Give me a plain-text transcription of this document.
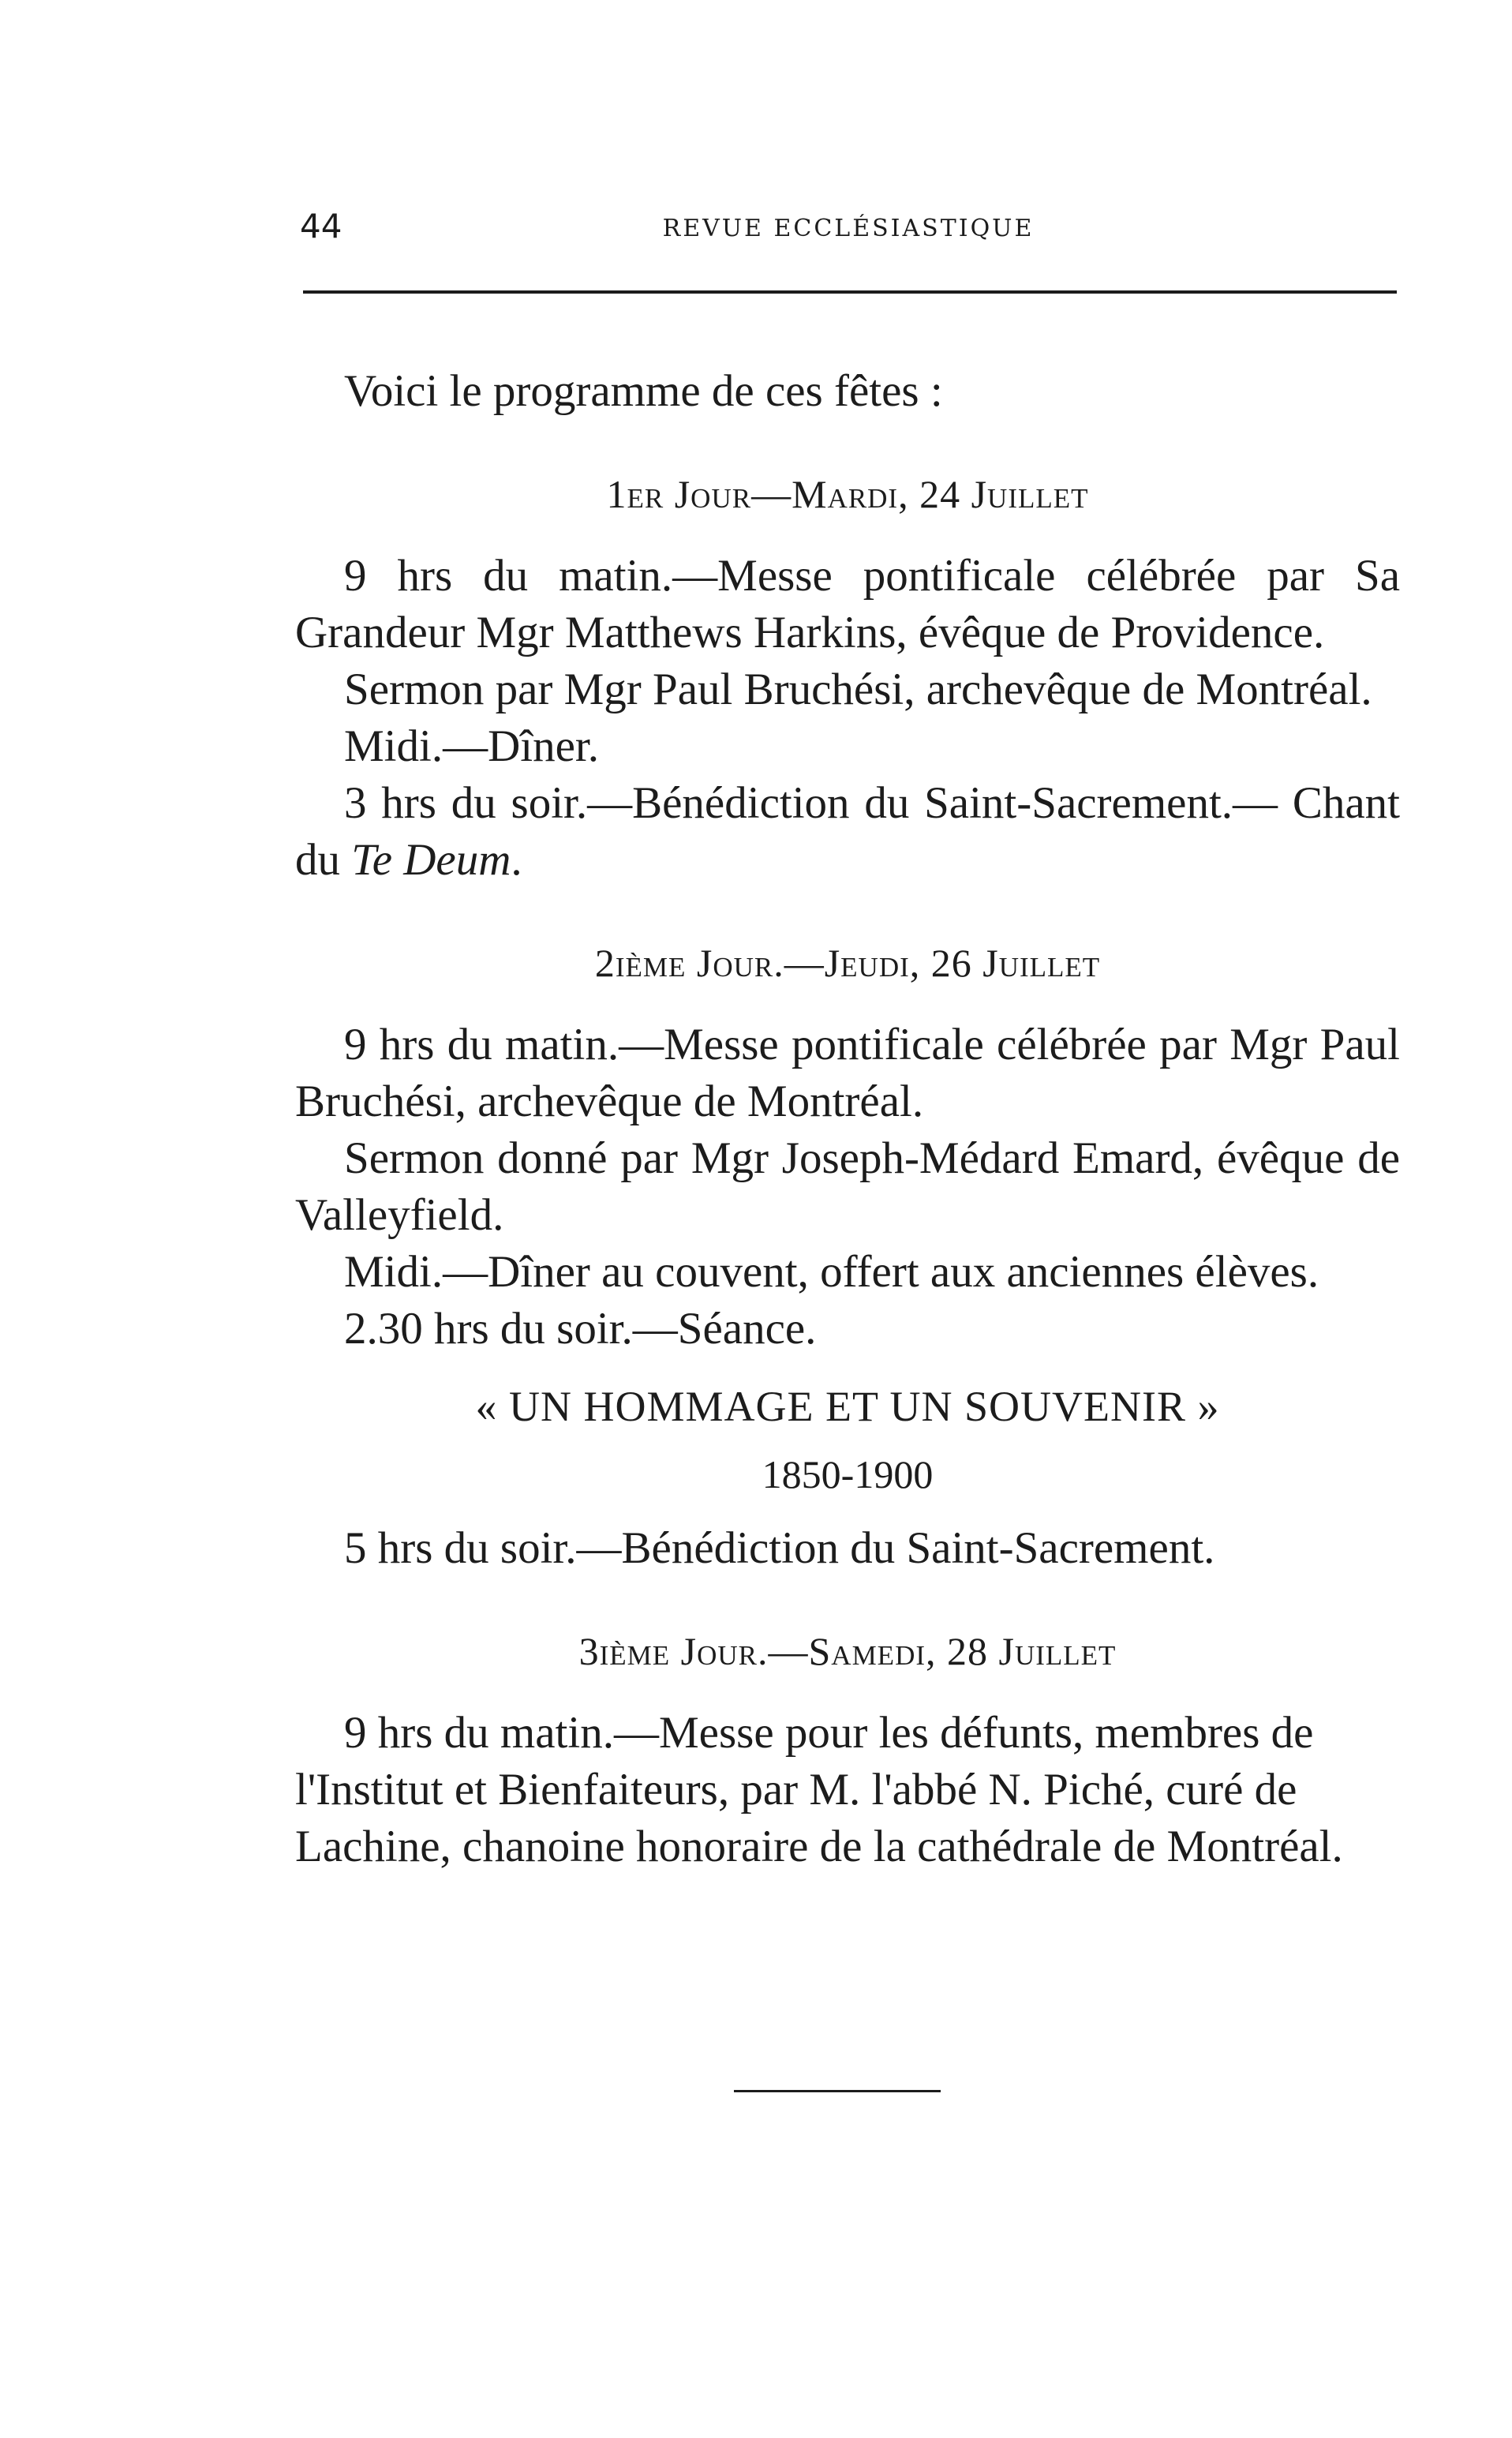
44	REVUE ECCLÉSIASTIQUE

Voici le programme de ces fêtes :

1er Jour—Mardi, 24 Juillet

9 hrs du matin.—Messe pontificale célébrée par Sa Grandeur Mgr Matthews Harkins, évêque de Providence.

Sermon par Mgr Paul Bruchési, archevêque de Montréal.

Midi.—Dîner.

3 hrs du soir.—Bénédiction du Saint-Sacrement.— Chant du Te Deum.

2ième Jour.—Jeudi, 26 Juillet

9 hrs du matin.—Messe pontificale célébrée par Mgr Paul Bruchési, archevêque de Montréal.

Sermon donné par Mgr Joseph-Médard Emard, évêque de Valleyfield.

Midi.—Dîner au couvent, offert aux anciennes élèves.

2.30 hrs du soir.—Séance.

« UN HOMMAGE ET UN SOUVENIR »
1850-1900

5 hrs du soir.—Bénédiction du Saint-Sacrement.

3ième Jour.—Samedi, 28 Juillet

9 hrs du matin.—Messe pour les défunts, membres de l'Institut et Bienfaiteurs, par M. l'abbé N. Piché, curé de Lachine, chanoine honoraire de la cathédrale de Montréal.
